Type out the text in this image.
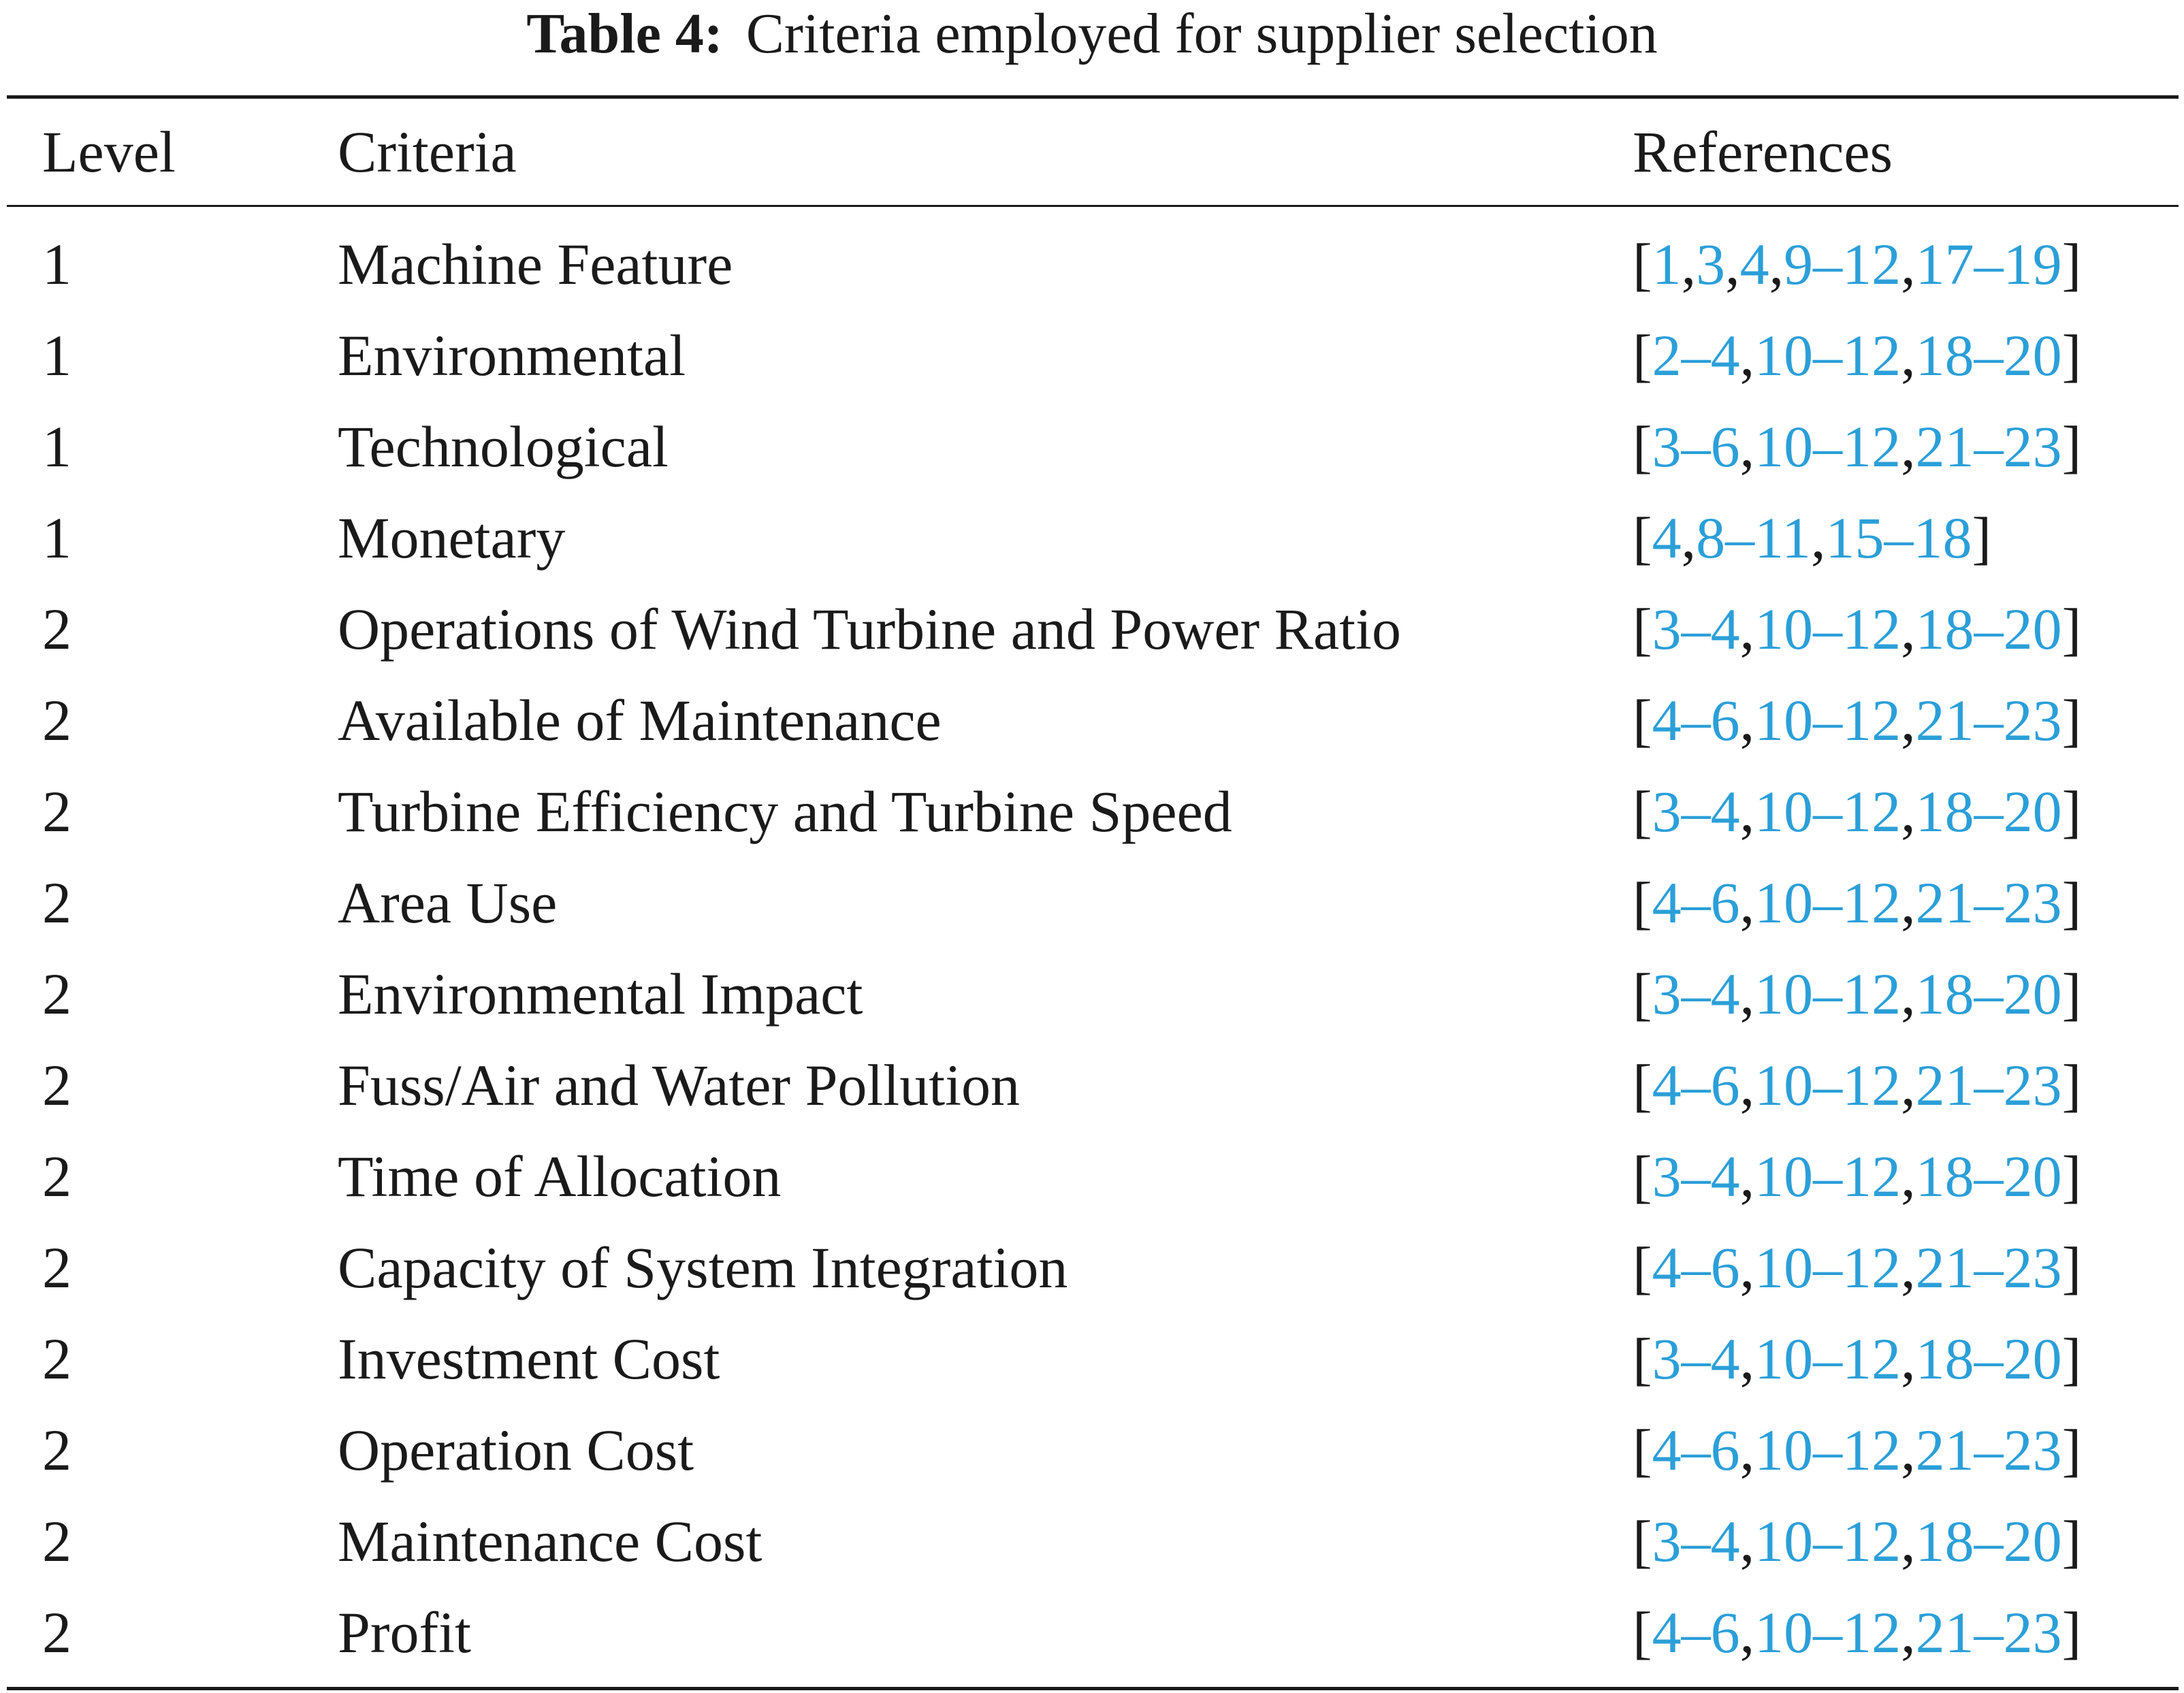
Table 4: Criteria employed for supplier selection
Level	Criteria	References
1	Machine Feature	[1,3,4,9–12,17–19]
1	Environmental	[2–4,10–12,18–20]
1	Technological	[3–6,10–12,21–23]
1	Monetary	[4,8–11,15–18]
2	Operations of Wind Turbine and Power Ratio	[3–4,10–12,18–20]
2	Available of Maintenance	[4–6,10–12,21–23]
2	Turbine Efficiency and Turbine Speed	[3–4,10–12,18–20]
2	Area Use	[4–6,10–12,21–23]
2	Environmental Impact	[3–4,10–12,18–20]
2	Fuss/Air and Water Pollution	[4–6,10–12,21–23]
2	Time of Allocation	[3–4,10–12,18–20]
2	Capacity of System Integration	[4–6,10–12,21–23]
2	Investment Cost	[3–4,10–12,18–20]
2	Operation Cost	[4–6,10–12,21–23]
2	Maintenance Cost	[3–4,10–12,18–20]
2	Profit	[4–6,10–12,21–23]
